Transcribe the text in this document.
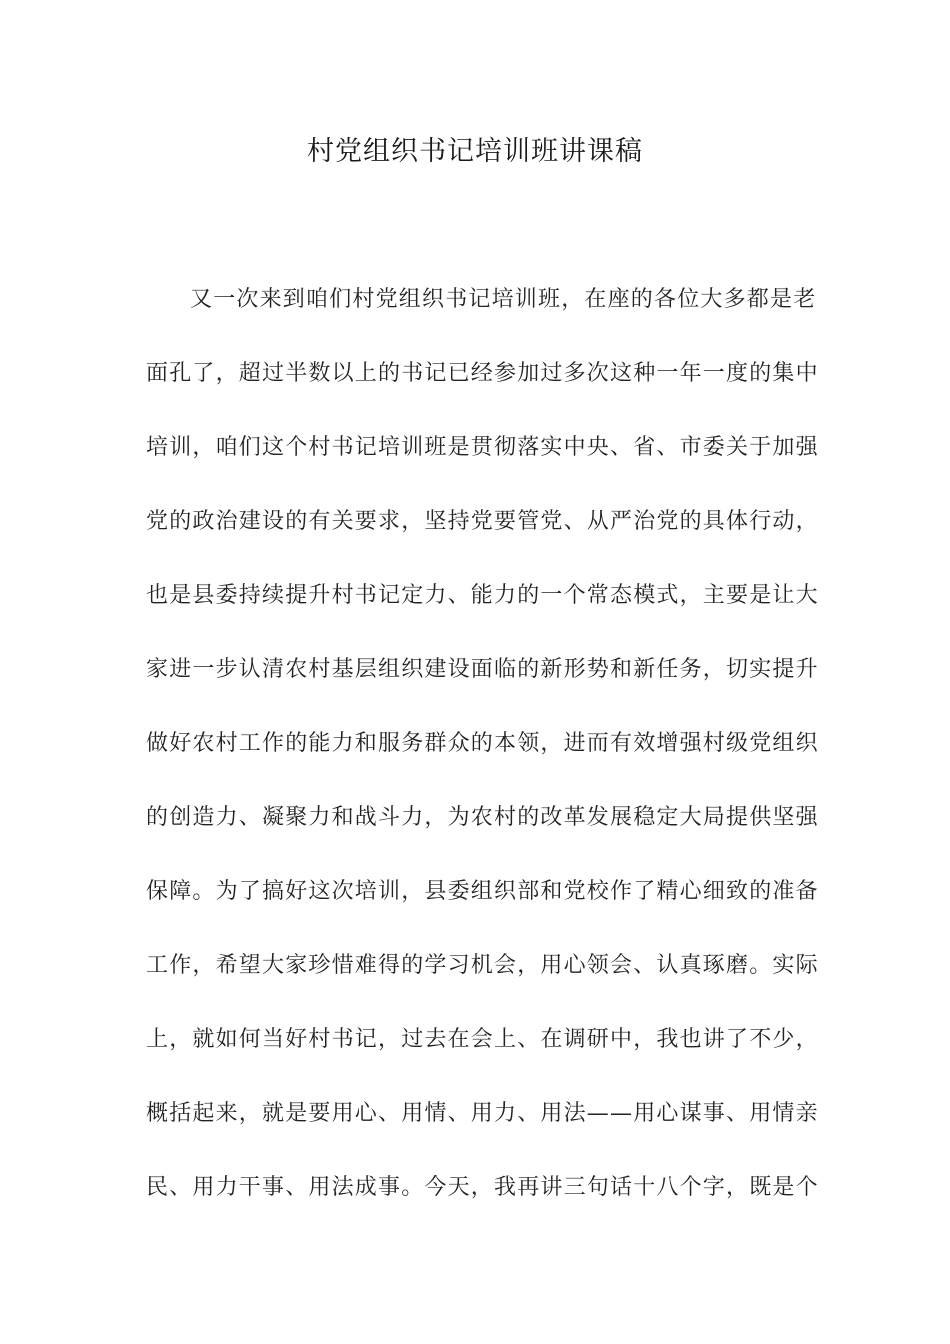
村党组织书记培训班讲课稿
又一次来到咱们村党组织书记培训班，在座的各位大多都是老
面孔了，超过半数以上的书记已经参加过多次这种一年一度的集中
培训，咱们这个村书记培训班是贯彻落实中央、省、市委关于加强
党的政治建设的有关要求，坚持党要管党、从严治党的具体行动，
也是县委持续提升村书记定力、能力的一个常态模式，主要是让大
家进一步认清农村基层组织建设面临的新形势和新任务，切实提升
做好农村工作的能力和服务群众的本领，进而有效增强村级党组织
的创造力、凝聚力和战斗力，为农村的改革发展稳定大局提供坚强
保障。为了搞好这次培训，县委组织部和党校作了精心细致的准备
工作，希望大家珍惜难得的学习机会，用心领会、认真琢磨。实际
上，就如何当好村书记，过去在会上、在调研中，我也讲了不少，
概括起来，就是要用心、用情、用力、用法——用心谋事、用情亲
民、用力干事、用法成事。今天，我再讲三句话十八个字，既是个
